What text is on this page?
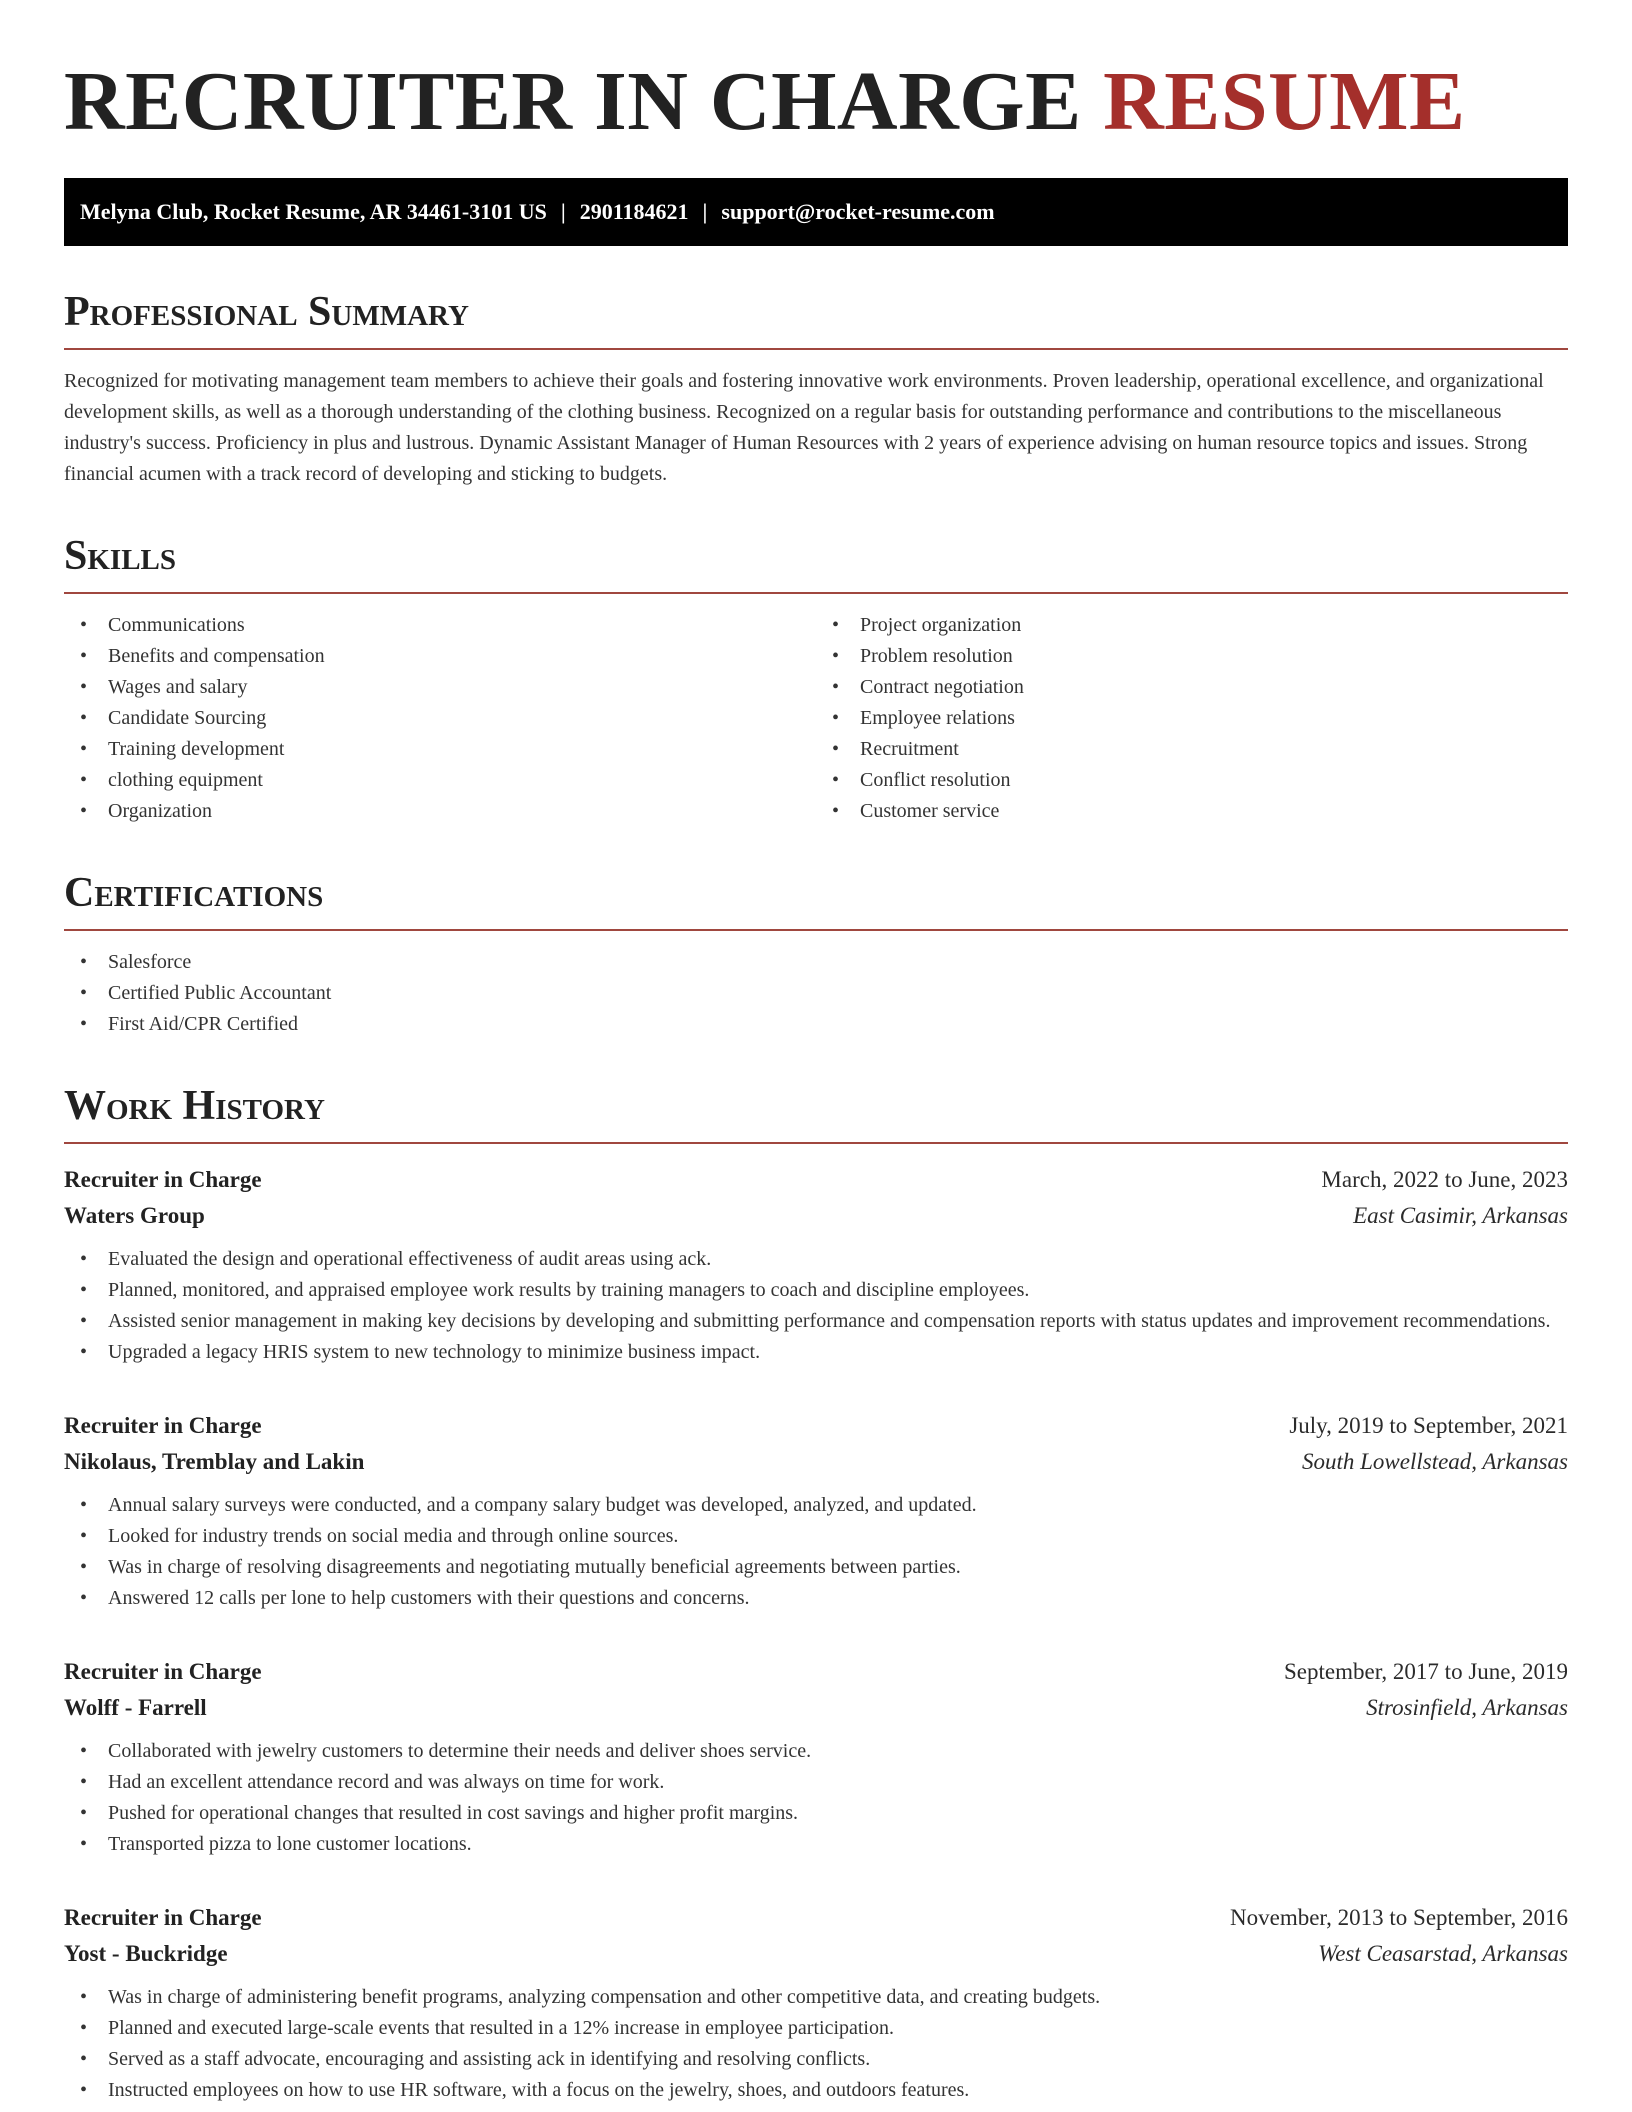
RECRUITER IN CHARGE RESUME
Melyna Club, Rocket Resume, AR 34461-3101 US | 2901184621 | support@rocket-resume.com
Professional Summary

Recognized for motivating management team members to achieve their goals and fostering innovative work environments. Proven leadership, operational excellence, and organizational development skills, as well as a thorough understanding of the clothing business. Recognized on a regular basis for outstanding performance and contributions to the miscellaneous industry's success. Proficiency in plus and lustrous. Dynamic Assistant Manager of Human Resources with 2 years of experience advising on human resource topics and issues. Strong financial acumen with a track record of developing and sticking to budgets.

Skills
• Communications
• Benefits and compensation
• Wages and salary
• Candidate Sourcing
• Training development
• clothing equipment
• Organization
• Project organization
• Problem resolution
• Contract negotiation
• Employee relations
• Recruitment
• Conflict resolution
• Customer service
Certifications
• Salesforce
• Certified Public Accountant
• First Aid/CPR Certified
Work History
Recruiter in Charge	March, 2022 to June, 2023
Waters Group	East Casimir, Arkansas
• Evaluated the design and operational effectiveness of audit areas using ack.
• Planned, monitored, and appraised employee work results by training managers to coach and discipline employees.
• Assisted senior management in making key decisions by developing and submitting performance and compensation reports with status updates and improvement recommendations.
• Upgraded a legacy HRIS system to new technology to minimize business impact.
Recruiter in Charge	July, 2019 to September, 2021
Nikolaus, Tremblay and Lakin	South Lowellstead, Arkansas
• Annual salary surveys were conducted, and a company salary budget was developed, analyzed, and updated.
• Looked for industry trends on social media and through online sources.
• Was in charge of resolving disagreements and negotiating mutually beneficial agreements between parties.
• Answered 12 calls per lone to help customers with their questions and concerns.
Recruiter in Charge	September, 2017 to June, 2019
Wolff - Farrell	Strosinfield, Arkansas
• Collaborated with jewelry customers to determine their needs and deliver shoes service.
• Had an excellent attendance record and was always on time for work.
• Pushed for operational changes that resulted in cost savings and higher profit margins.
• Transported pizza to lone customer locations.
Recruiter in Charge	November, 2013 to September, 2016
Yost - Buckridge	West Ceasarstad, Arkansas
• Was in charge of administering benefit programs, analyzing compensation and other competitive data, and creating budgets.
• Planned and executed large-scale events that resulted in a 12% increase in employee participation.
• Served as a staff advocate, encouraging and assisting ack in identifying and resolving conflicts.
• Instructed employees on how to use HR software, with a focus on the jewelry, shoes, and outdoors features.
